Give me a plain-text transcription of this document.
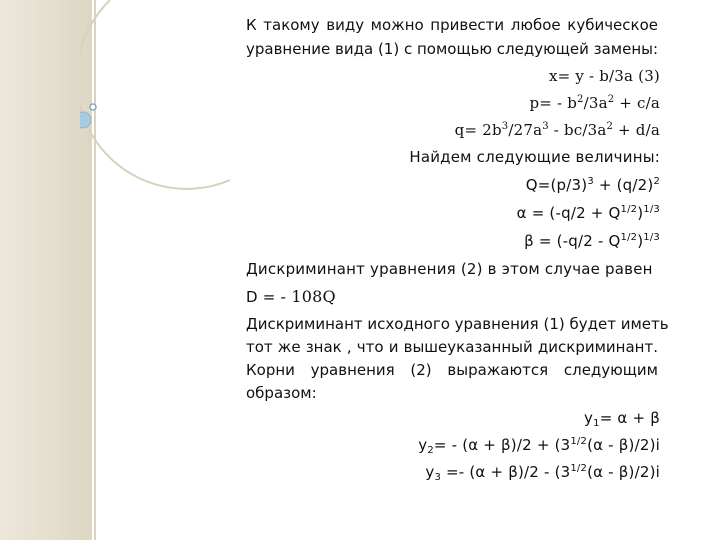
К такому виду можно привести любое кубическое
уравнение вида (1) с помощью следующей замены:
x= y - b/3a (3)
$p= - b^2/3a^2 + c/a$
$q= 2b^3/27a^3 - bc/3a^2 + d/a$
Найдем следующие величины:
$Q=(p/3)^3 + (q/2)^2$
$\alpha = (-q/2 + Q^{1/2})^{1/3}$
$\beta = (-q/2 - Q^{1/2})^{1/3}$
Дискриминант уравнения (2) в этом случае равен
D = - 108Q
Дискриминант исходного уравнения (1) будет иметь
тот же знак , что и вышеуказанный дискриминант.
Корни уравнения (2) выражаются следующим
образом:
$y_1= \alpha + \beta$
$y_2= - (\alpha + \beta)/2 + (3^{1/2}(\alpha - \beta)/2)i$
$y_3 =- (\alpha + \beta)/2 - (3^{1/2}(\alpha - \beta)/2)i$
